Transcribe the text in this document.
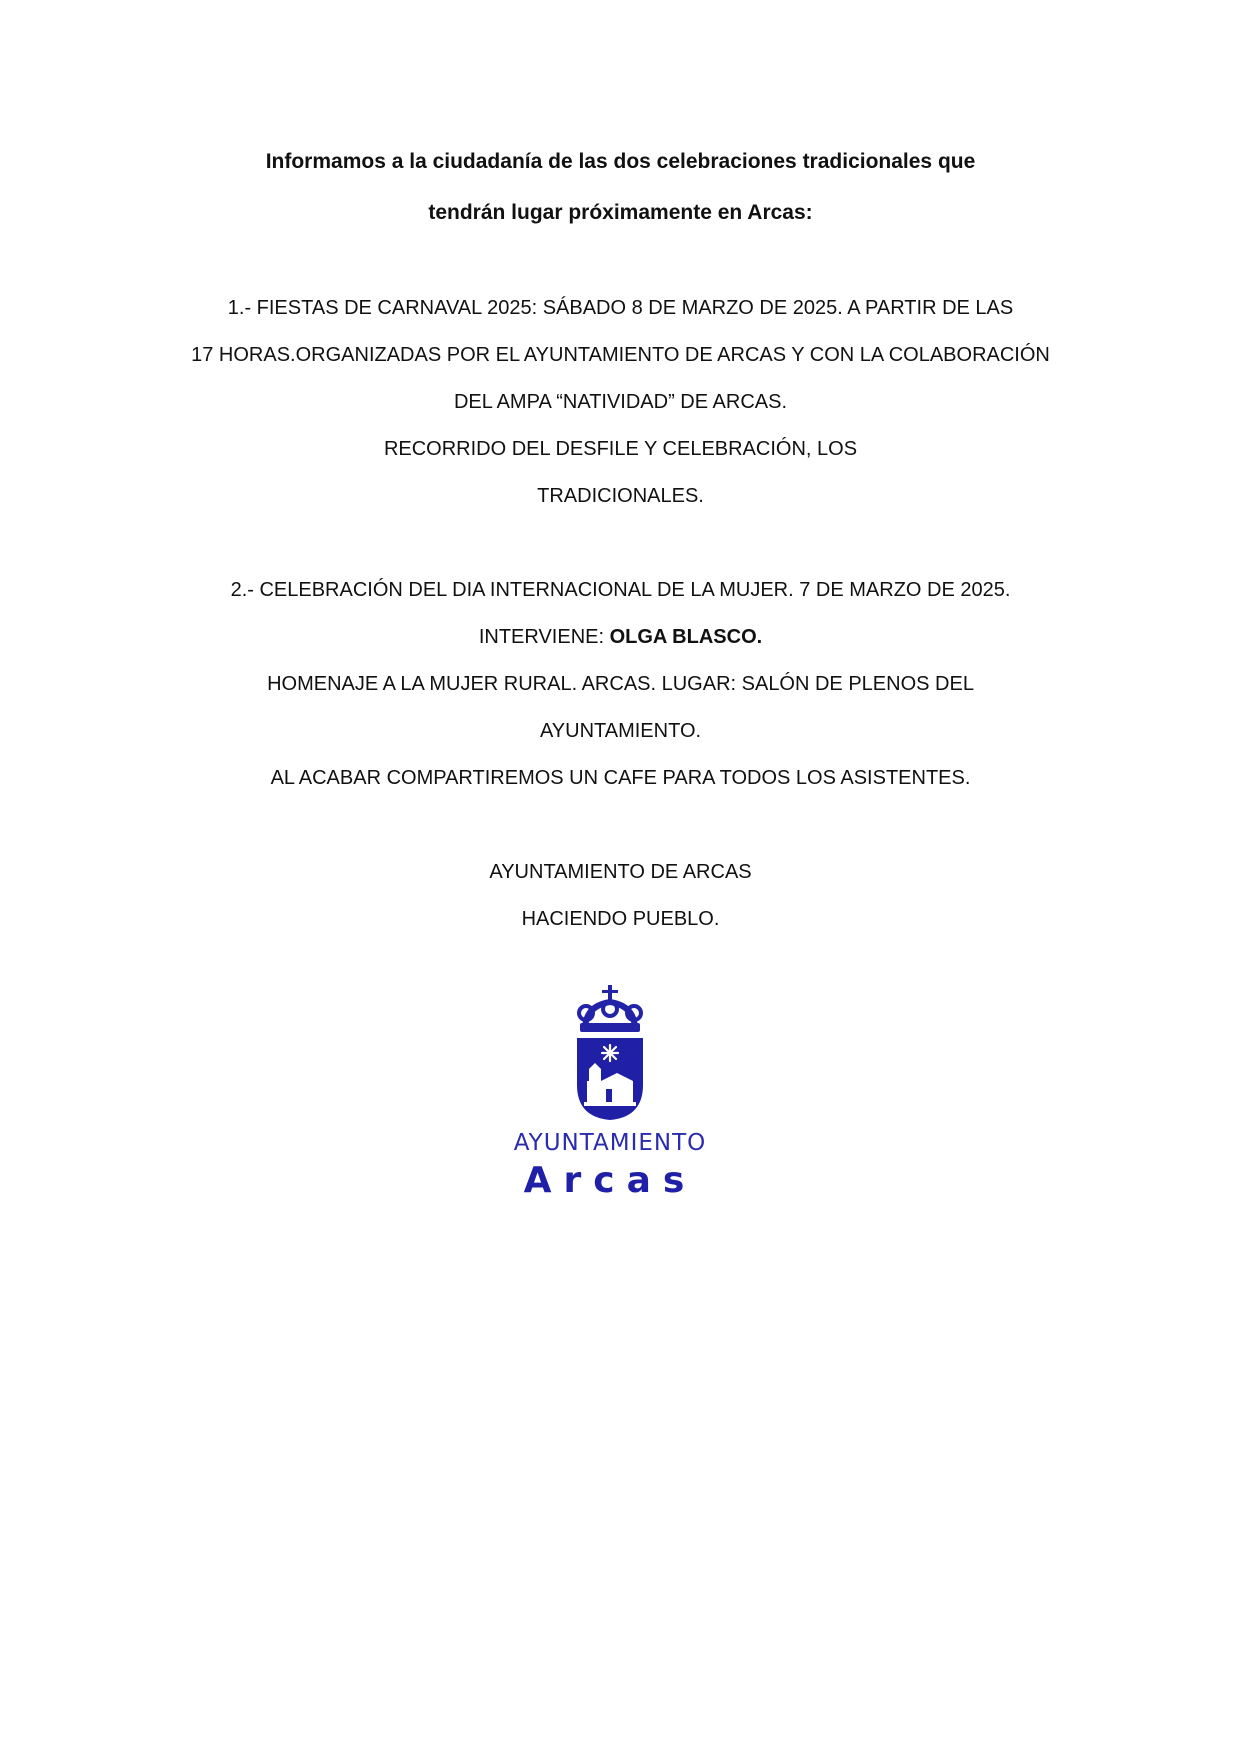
Informamos a la ciudadanía de las dos celebraciones tradicionales que
tendrán lugar próximamente en Arcas:
1.- FIESTAS DE CARNAVAL 2025: SÁBADO 8 DE MARZO DE 2025. A PARTIR DE LAS
17 HORAS.ORGANIZADAS POR EL AYUNTAMIENTO DE ARCAS Y CON LA COLABORACIÓN
DEL AMPA “NATIVIDAD” DE ARCAS.
RECORRIDO DEL DESFILE Y CELEBRACIÓN, LOS
TRADICIONALES.
2.- CELEBRACIÓN DEL DIA INTERNACIONAL DE LA MUJER. 7 DE MARZO DE 2025.
INTERVIENE: OLGA BLASCO.
HOMENAJE A LA MUJER RURAL. ARCAS. LUGAR: SALÓN DE PLENOS DEL
AYUNTAMIENTO.
AL ACABAR COMPARTIREMOS UN CAFE PARA TODOS LOS ASISTENTES.
AYUNTAMIENTO DE ARCAS
HACIENDO PUEBLO.
AYUNTAMIENTO
Arcas
